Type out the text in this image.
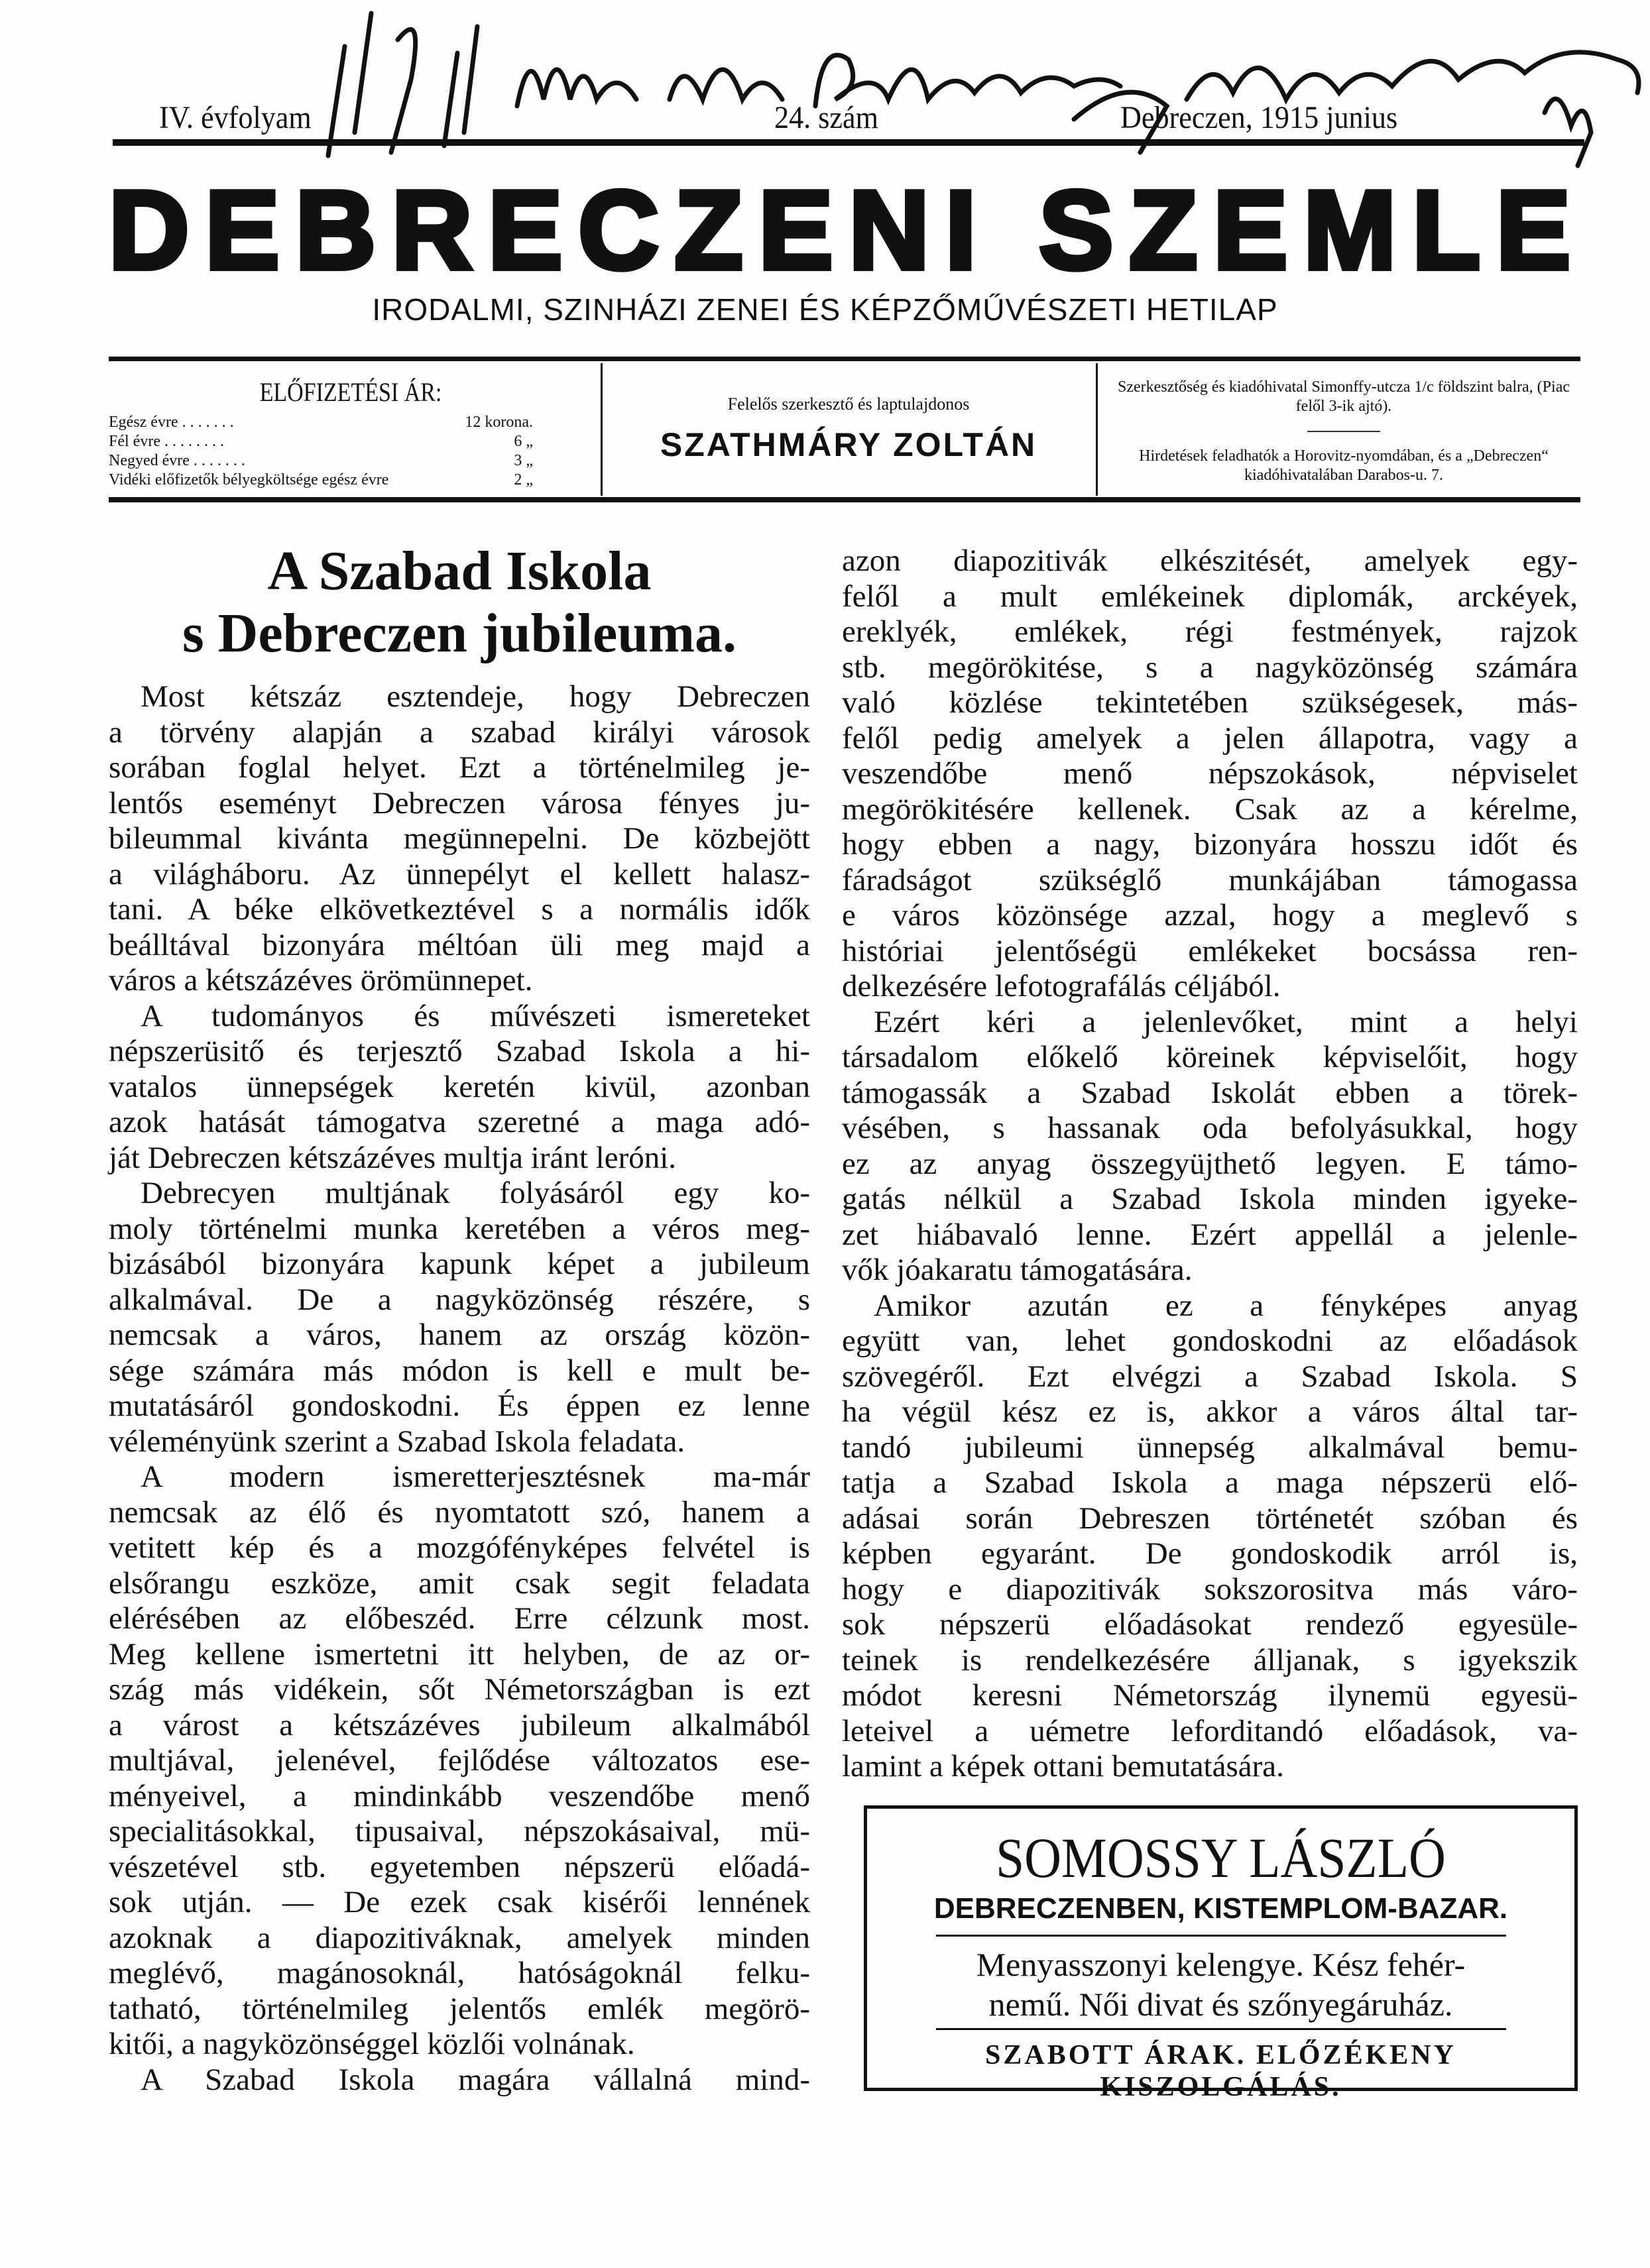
IV. évfolyam	24. szám	Debreczen, 1915 junius
DEBRECZENI SZEMLE
IRODALMI, SZINHÁZI ZENEI ÉS KÉPZŐMŰVÉSZETI HETILAP
ELŐFIZETÉSI ÁR:
Egész évre . . . . . . .	12 korona.
Fél évre . . . . . . . .	6 „
Negyed évre . . . . . . .	3 „
Vidéki előfizetők bélyegköltsége egész évre	2 „
Felelős szerkesztő és laptulajdonos
SZATHMÁRY ZOLTÁN
Szerkesztőség és kiadóhivatal Simonffy-utcza 1/c földszint balra, (Piac felől 3-ik ajtó).
Hirdetések feladhatók a Horovitz-nyomdában, és a „Debreczen“ kiadóhivatalában Darabos-u. 7.
A Szabad Iskola
s Debreczen jubileuma.
Most kétszáz esztendeje, hogy Debreczen
a törvény alapján a szabad királyi városok
sorában foglal helyet. Ezt a történelmileg je-
lentős eseményt Debreczen városa fényes ju-
bileummal kivánta megünnepelni. De közbejött
a világháboru. Az ünnepélyt el kellett halasz-
tani. A béke elkövetkeztével s a normális idők
beálltával bizonyára méltóan üli meg majd a
város a kétszázéves örömünnepet.
A tudományos és művészeti ismereteket
népszerüsitő és terjesztő Szabad Iskola a hi-
vatalos ünnepségek keretén kivül, azonban
azok hatását támogatva szeretné a maga adó-
ját Debreczen kétszázéves multja iránt leróni.
Debrecyen multjának folyásáról egy ko-
moly történelmi munka keretében a véros meg-
bizásából bizonyára kapunk képet a jubileum
alkalmával. De a nagyközönség részére, s
nemcsak a város, hanem az ország közön-
sége számára más módon is kell e mult be-
mutatásáról gondoskodni. És éppen ez lenne
véleményünk szerint a Szabad Iskola feladata.
A modern ismeretterjesztésnek ma-már
nemcsak az élő és nyomtatott szó, hanem a
vetitett kép és a mozgófényképes felvétel is
elsőrangu eszköze, amit csak segit feladata
elérésében az előbeszéd. Erre célzunk most.
Meg kellene ismertetni itt helyben, de az or-
szág más vidékein, sőt Németországban is ezt
a várost a kétszázéves jubileum alkalmából
multjával, jelenével, fejlődése változatos ese-
ményeivel, a mindinkább veszendőbe menő
specialitásokkal, tipusaival, népszokásaival, mü-
vészetével stb. egyetemben népszerü előadá-
sok utján. — De ezek csak kisérői lennének
azoknak a diapozitiváknak, amelyek minden
meglévő, magánosoknál, hatóságoknál felku-
tatható, történelmileg jelentős emlék megörö-
kitői, a nagyközönséggel közlői volnának.
A Szabad Iskola magára vállalná mind-
azon diapozitivák elkészitését, amelyek egy-
felől a mult emlékeinek diplomák, arckéyek,
ereklyék, emlékek, régi festmények, rajzok
stb. megörökitése, s a nagyközönség számára
való közlése tekintetében szükségesek, más-
felől pedig amelyek a jelen állapotra, vagy a
veszendőbe menő népszokások, népviselet
megörökitésére kellenek. Csak az a kérelme,
hogy ebben a nagy, bizonyára hosszu időt és
fáradságot szükséglő munkájában támogassa
e város közönsége azzal, hogy a meglevő s
históriai jelentőségü emlékeket bocsássa ren-
delkezésére lefotografálás céljából.
Ezért kéri a jelenlevőket, mint a helyi
társadalom előkelő köreinek képviselőit, hogy
támogassák a Szabad Iskolát ebben a törek-
vésében, s hassanak oda befolyásukkal, hogy
ez az anyag összegyüjthető legyen. E támo-
gatás nélkül a Szabad Iskola minden igyeke-
zet hiábavaló lenne. Ezért appellál a jelenle-
vők jóakaratu támogatására.
Amikor azután ez a fényképes anyag
együtt van, lehet gondoskodni az előadások
szövegéről. Ezt elvégzi a Szabad Iskola. S
ha végül kész ez is, akkor a város által tar-
tandó jubileumi ünnepség alkalmával bemu-
tatja a Szabad Iskola a maga népszerü elő-
adásai során Debreszen történetét szóban és
képben egyaránt. De gondoskodik arról is,
hogy e diapozitivák sokszorositva más váro-
sok népszerü előadásokat rendező egyesüle-
teinek is rendelkezésére álljanak, s igyekszik
módot keresni Németország ilynemü egyesü-
leteivel a uémetre leforditandó előadások, va-
lamint a képek ottani bemutatására.
SOMOSSY LÁSZLÓ
DEBRECZENBEN, KISTEMPLOM-BAZAR.
Menyasszonyi kelengye. Kész fehér-
nemű. Női divat és szőnyegáruház.
SZABOTT ÁRAK. ELŐZÉKENY KISZOLGÁLÁS.
